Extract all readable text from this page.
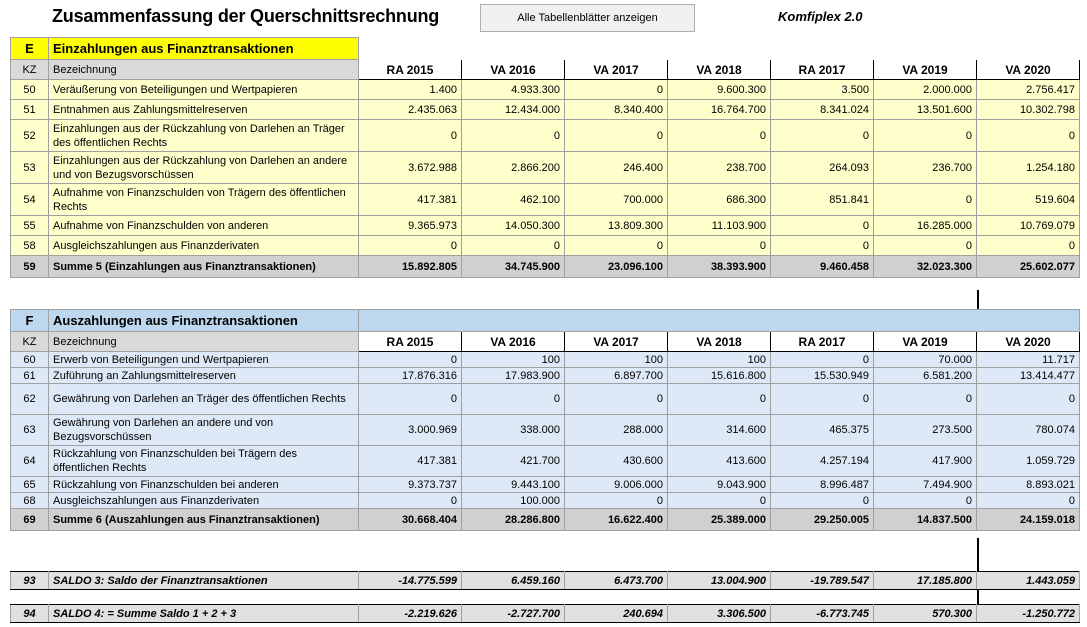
Zusammenfassung der Querschnittsrechnung	Alle Tabellenblätter anzeigen	Komfiplex 2.0
E	Einzahlungen aus Finanztransaktionen							
KZ	Bezeichnung	RA 2015	VA 2016	VA 2017	VA 2018	RA 2017	VA 2019	VA 2020
50	Veräußerung von Beteiligungen und Wertpapieren	1.400	4.933.300	0	9.600.300	3.500	2.000.000	2.756.417
51	Entnahmen aus Zahlungsmittelreserven	2.435.063	12.434.000	8.340.400	16.764.700	8.341.024	13.501.600	10.302.798
52	Einzahlungen aus der Rückzahlung von Darlehen an Träger des öffentlichen Rechts	0	0	0	0	0	0	0
53	Einzahlungen aus der Rückzahlung von Darlehen an andere und von Bezugsvorschüssen	3.672.988	2.866.200	246.400	238.700	264.093	236.700	1.254.180
54	Aufnahme von Finanzschulden von Trägern des öffentlichen Rechts	417.381	462.100	700.000	686.300	851.841	0	519.604
55	Aufnahme von Finanzschulden von anderen	9.365.973	14.050.300	13.809.300	11.103.900	0	16.285.000	10.769.079
58	Ausgleichszahlungen aus Finanzderivaten	0	0	0	0	0	0	0
59	Summe 5 (Einzahlungen aus Finanztransaktionen)	15.892.805	34.745.900	23.096.100	38.393.900	9.460.458	32.023.300	25.602.077
F	Auszahlungen aus Finanztransaktionen							
KZ	Bezeichnung	RA 2015	VA 2016	VA 2017	VA 2018	RA 2017	VA 2019	VA 2020
60	Erwerb von Beteiligungen und Wertpapieren	0	100	100	100	0	70.000	11.717
61	Zuführung an Zahlungsmittelreserven	17.876.316	17.983.900	6.897.700	15.616.800	15.530.949	6.581.200	13.414.477
62	Gewährung von Darlehen an Träger des öffentlichen Rechts	0	0	0	0	0	0	0
63	Gewährung von Darlehen an andere und von Bezugsvorschüssen	3.000.969	338.000	288.000	314.600	465.375	273.500	780.074
64	Rückzahlung von Finanzschulden bei Trägern des öffentlichen Rechts	417.381	421.700	430.600	413.600	4.257.194	417.900	1.059.729
65	Rückzahlung von Finanzschulden bei anderen	9.373.737	9.443.100	9.006.000	9.043.900	8.996.487	7.494.900	8.893.021
68	Ausgleichszahlungen aus Finanzderivaten	0	100.000	0	0	0	0	0
69	Summe 6 (Auszahlungen aus Finanztransaktionen)	30.668.404	28.286.800	16.622.400	25.389.000	29.250.005	14.837.500	24.159.018
93	SALDO 3: Saldo der Finanztransaktionen	-14.775.599	6.459.160	6.473.700	13.004.900	-19.789.547	17.185.800	1.443.059
94	SALDO 4: = Summe Saldo 1 + 2 + 3	-2.219.626	-2.727.700	240.694	3.306.500	-6.773.745	570.300	-1.250.772
